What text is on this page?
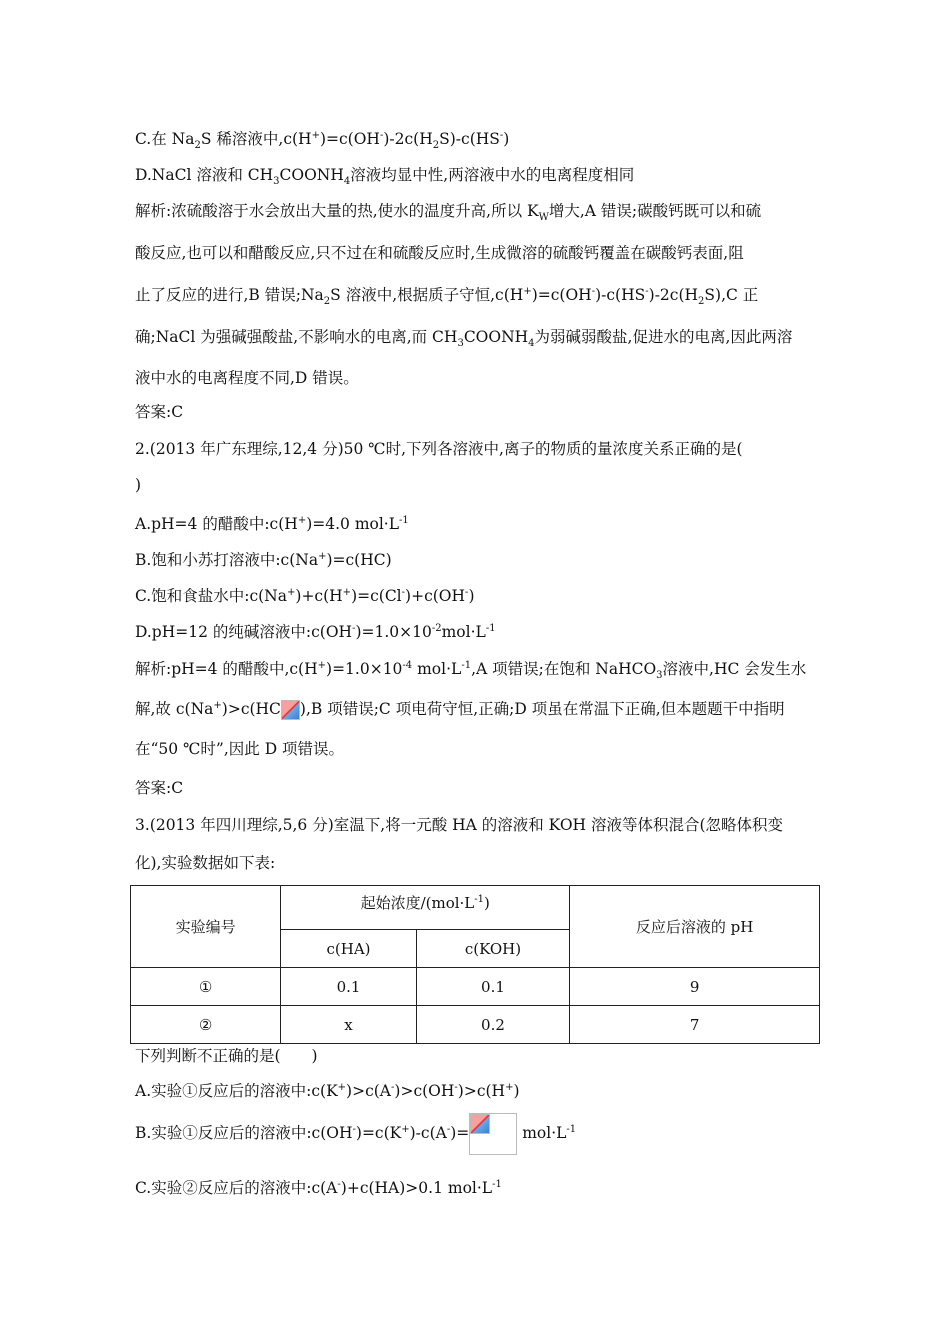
C.在 $Na_2S$ 稀溶液中$,c(H^+)=c(OH^-)-2c(H_2S)-c(HS^-)$
D.NaCl 溶液和 $CH_3COONH_4$溶液均显中性,两溶液中水的电离程度相同
解析:浓硫酸溶于水会放出大量的热,使水的温度升高,所以 $K_W$增大,A 错误;碳酸钙既可以和硫
酸反应,也可以和醋酸反应,只不过在和硫酸反应时,生成微溶的硫酸钙覆盖在碳酸钙表面,阻
止了反应的进行,B 错误$;Na_2S$ 溶液中,根据质子守恒$,c(H^+)=c(OH^-)-c(HS^-)-2c(H_2S),C$ 正
确;NaCl 为强碱强酸盐,不影响水的电离,而 $CH_3COONH_4$为弱碱弱酸盐,促进水的电离,因此两溶
液中水的电离程度不同,D 错误。
答案:C
2.(2013 年广东理综,12,4 分)50 ℃时,下列各溶液中,离子的物质的量浓度关系正确的是(
)
A.pH=4 的醋酸中:c(H+)=4.0 $mol\cdot L^{-1}$
B.饱和小苏打溶液中:c(Na+)=c(HC)
C.饱和食盐水中:c(Na+)+c(H+)=c(Cl-)+c(OH-)
D.pH=12 的纯碱溶液中$:c(OH^-)=1.0\times 10^{-2}mol\cdot L^{-1}$
解析:pH=4 的醋酸中$,c(H^+)=1.0\times 10^{-4}$ $mol\cdot L^{-1},A$ 项错误;在饱和 NaHCO$_3$溶液中,HC 会发生水
解,故 c(Na+)>c(HC ),B 项错误;C 项电荷守恒,正确;D 项虽在常温下正确,但本题题干中指明
在“50 ℃时”,因此 D 项错误。
答案:C
3.(2013 年四川理综,5,6 分)室温下,将一元酸 HA 的溶液和 KOH 溶液等体积混合(忽略体积变
化),实验数据如下表:
实验编号	起始浓度$/(mol\cdot L^{-1})$		反应后溶液的 pH
	c(HA)	c(KOH)	
①	0.1	0.1	9
②	x	0.2	7
下列判断不正确的是(　　)
A.实验①反应后的溶液中:c(K+)>c(A-)>c(OH-)>c(H+)
B.实验①反应后的溶液中:c(OH-)=c(K+)-c(A-)=	$mol\cdot L^{-1}$
C.实验②反应后的溶液中:c(A-)+c(HA)>0.1 $mol\cdot L^{-1}$
